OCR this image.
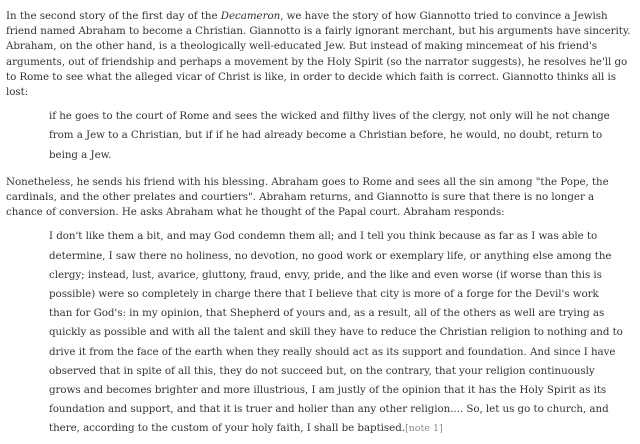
In the second story of the first day of the Decameron, we have the story of how Giannotto tried to convince a Jewish friend named Abraham to become a Christian. Giannotto is a fairly ignorant merchant, but his arguments have sincerity. Abraham, on the other hand, is a theologically well-educated Jew. But instead of making mincemeat of his friend's arguments, out of friendship and perhaps a movement by the Holy Spirit (so the narrator suggests), he resolves he'll go to Rome to see what the alleged vicar of Christ is like, in order to decide which faith is correct. Giannotto thinks all is lost:

if he goes to the court of Rome and sees the wicked and filthy lives of the clergy, not only will he not change from a Jew to a Christian, but if if he had already become a Christian before, he would, no doubt, return to being a Jew.

Nonetheless, he sends his friend with his blessing. Abraham goes to Rome and sees all the sin among "the Pope, the cardinals, and the other prelates and courtiers". Abraham returns, and Giannotto is sure that there is no longer a chance of conversion. He asks Abraham what he thought of the Papal court. Abraham responds:

I don't like them a bit, and may God condemn them all; and I tell you think because as far as I was able to determine, I saw there no holiness, no devotion, no good work or exemplary life, or anything else among the clergy; instead, lust, avarice, gluttony, fraud, envy, pride, and the like and even worse (if worse than this is possible) were so completely in charge there that I believe that city is more of a forge for the Devil's work than for God's: in my opinion, that Shepherd of yours and, as a result, all of the others as well are trying as quickly as possible and with all the talent and skill they have to reduce the Christian religion to nothing and to drive it from the face of the earth when they really should act as its support and foundation. And since I have observed that in spite of all this, they do not succeed but, on the contrary, that your religion continuously grows and becomes brighter and more illustrious, I am justly of the opinion that it has the Holy Spirit as its foundation and support, and that it is truer and holier than any other religion.... So, let us go to church, and there, according to the custom of your holy faith, I shall be baptised.[note 1]
